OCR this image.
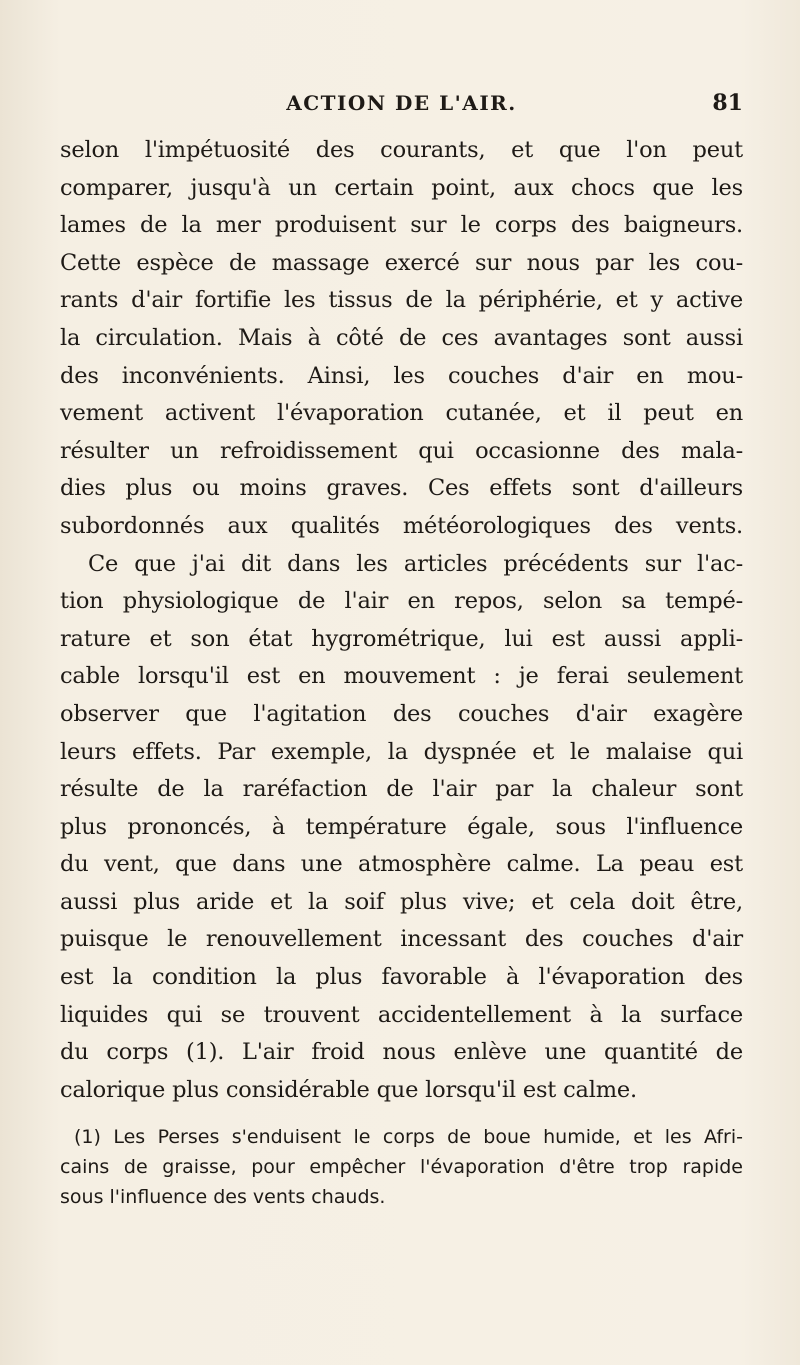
ACTION DE L'AIR.	81
selon l'impétuosité des courants, et que l'on peut
comparer, jusqu'à un certain point, aux chocs que les
lames de la mer produisent sur le corps des baigneurs.
Cette espèce de massage exercé sur nous par les cou-
rants d'air fortifie les tissus de la périphérie, et y active
la circulation. Mais à côté de ces avantages sont aussi
des inconvénients. Ainsi, les couches d'air en mou-
vement activent l'évaporation cutanée, et il peut en
résulter un refroidissement qui occasionne des mala-
dies plus ou moins graves. Ces effets sont d'ailleurs
subordonnés aux qualités météorologiques des vents.
Ce que j'ai dit dans les articles précédents sur l'ac-
tion physiologique de l'air en repos, selon sa tempé-
rature et son état hygrométrique, lui est aussi appli-
cable lorsqu'il est en mouvement : je ferai seulement
observer que l'agitation des couches d'air exagère
leurs effets. Par exemple, la dyspnée et le malaise qui
résulte de la raréfaction de l'air par la chaleur sont
plus prononcés, à température égale, sous l'influence
du vent, que dans une atmosphère calme. La peau est
aussi plus aride et la soif plus vive; et cela doit être,
puisque le renouvellement incessant des couches d'air
est la condition la plus favorable à l'évaporation des
liquides qui se trouvent accidentellement à la surface
du corps (1). L'air froid nous enlève une quantité de
calorique plus considérable que lorsqu'il est calme.
(1) Les Perses s'enduisent le corps de boue humide, et les Afri-
cains de graisse, pour empêcher l'évaporation d'être trop rapide
sous l'influence des vents chauds.
